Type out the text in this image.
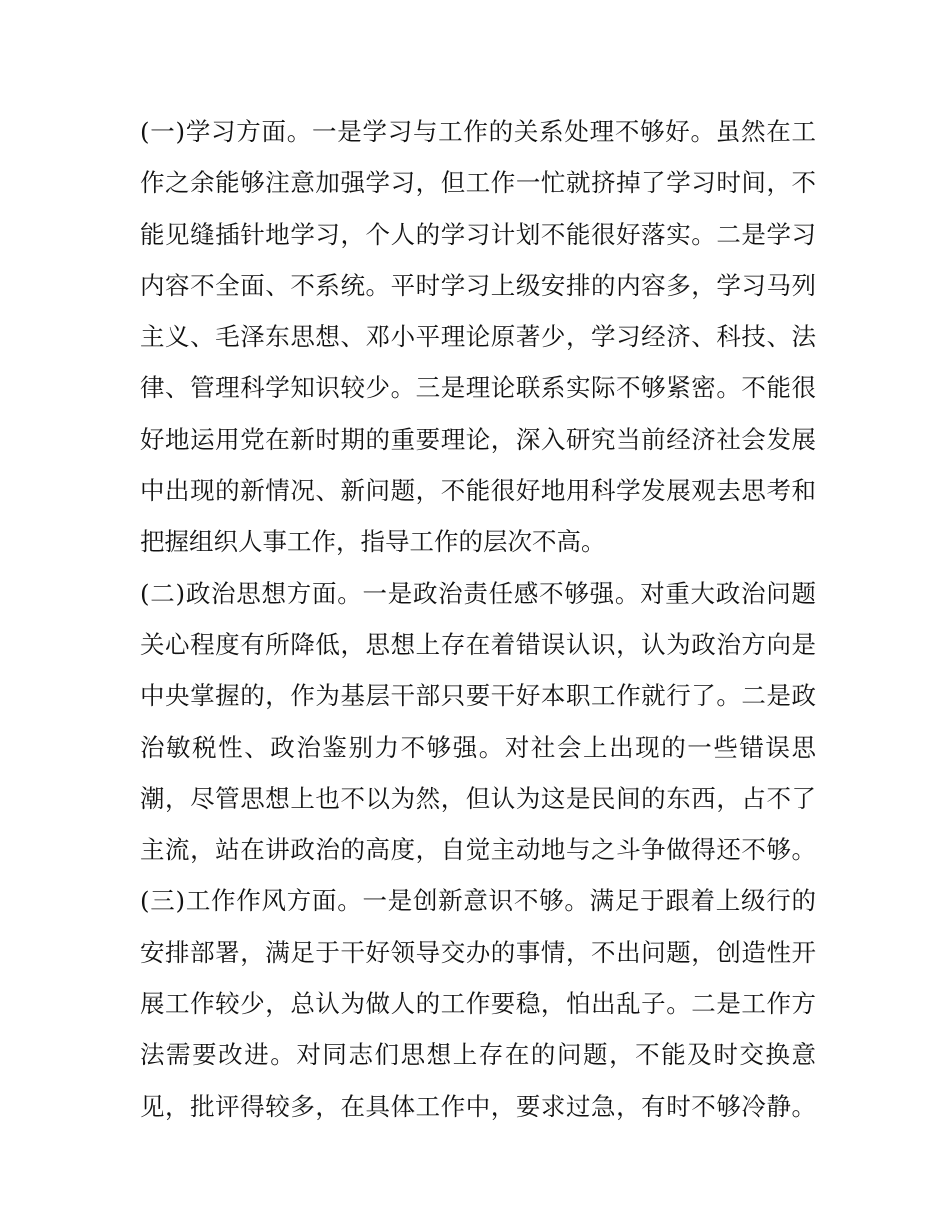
(一)学习方面。一是学习与工作的关系处理不够好。虽然在工
作之余能够注意加强学习，但工作一忙就挤掉了学习时间，不
能见缝插针地学习，个人的学习计划不能很好落实。二是学习
内容不全面、不系统。平时学习上级安排的内容多，学习马列
主义、毛泽东思想、邓小平理论原著少，学习经济、科技、法
律、管理科学知识较少。三是理论联系实际不够紧密。不能很
好地运用党在新时期的重要理论，深入研究当前经济社会发展
中出现的新情况、新问题，不能很好地用科学发展观去思考和
把握组织人事工作，指导工作的层次不高。
(二)政治思想方面。一是政治责任感不够强。对重大政治问题
关心程度有所降低，思想上存在着错误认识，认为政治方向是
中央掌握的，作为基层干部只要干好本职工作就行了。二是政
治敏税性、政治鉴别力不够强。对社会上出现的一些错误思
潮，尽管思想上也不以为然，但认为这是民间的东西，占不了
主流，站在讲政治的高度，自觉主动地与之斗争做得还不够。
(三)工作作风方面。一是创新意识不够。满足于跟着上级行的
安排部署，满足于干好领导交办的事情，不出问题，创造性开
展工作较少，总认为做人的工作要稳，怕出乱子。二是工作方
法需要改进。对同志们思想上存在的问题，不能及时交换意
见，批评得较多，在具体工作中，要求过急，有时不够冷静。
